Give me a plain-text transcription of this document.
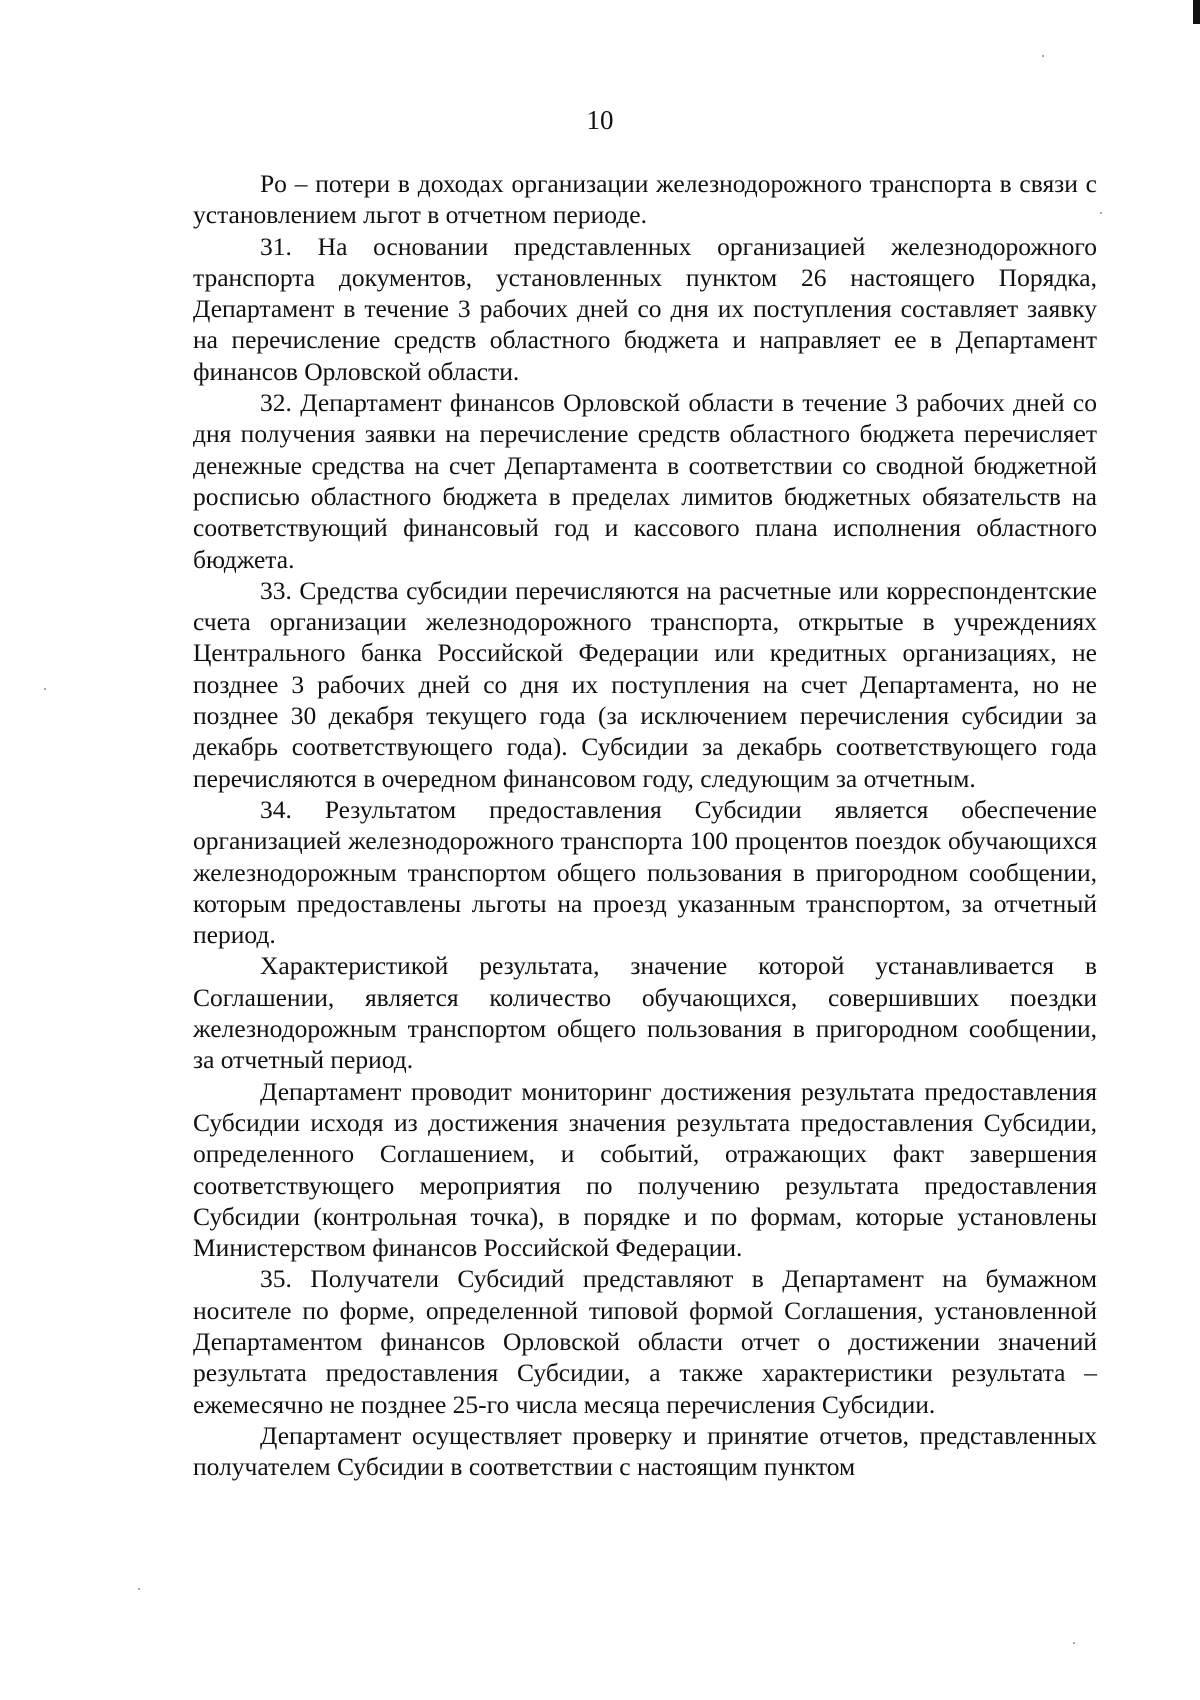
10

Pо – потери в доходах организации железнодорожного транспорта в связи с установлением льгот в отчетном периоде.

31. На основании представленных организацией железнодорожного транспорта документов, установленных пунктом 26 настоящего Порядка, Департамент в течение 3 рабочих дней со дня их поступления составляет заявку на перечисление средств областного бюджета и направляет ее в Департамент финансов Орловской области.

32. Департамент финансов Орловской области в течение 3 рабочих дней со дня получения заявки на перечисление средств областного бюджета перечисляет денежные средства на счет Департамента в соответствии со сводной бюджетной росписью областного бюджета в пределах лимитов бюджетных обязательств на соответствующий финансовый год и кассового плана исполнения областного бюджета.

33. Средства субсидии перечисляются на расчетные или корреспондентские счета организации железнодорожного транспорта, открытые в учреждениях Центрального банка Российской Федерации или кредитных организациях, не позднее 3 рабочих дней со дня их поступления на счет Департамента, но не позднее 30 декабря текущего года (за исключением перечисления субсидии за декабрь соответствующего года). Субсидии за декабрь соответствующего года перечисляются в очередном финансовом году, следующим за отчетным.

34. Результатом предоставления Субсидии является обеспечение организацией железнодорожного транспорта 100 процентов поездок обучающихся железнодорожным транспортом общего пользования в пригородном сообщении, которым предоставлены льготы на проезд указанным транспортом, за отчетный период.

Характеристикой результата, значение которой устанавливается в Соглашении, является количество обучающихся, совершивших поездки железнодорожным транспортом общего пользования в пригородном сообщении, за отчетный период.

Департамент проводит мониторинг достижения результата предоставления Субсидии исходя из достижения значения результата предоставления Субсидии, определенного Соглашением, и событий, отражающих факт завершения соответствующего мероприятия по получению результата предоставления Субсидии (контрольная точка), в порядке и по формам, которые установлены Министерством финансов Российской Федерации.

35. Получатели Субсидий представляют в Департамент на бумажном носителе по форме, определенной типовой формой Соглашения, установленной Департаментом финансов Орловской области отчет о достижении значений результата предоставления Субсидии, а также характеристики результата – ежемесячно не позднее 25-го числа месяца перечисления Субсидии.

Департамент осуществляет проверку и принятие отчетов, представленных получателем Субсидии в соответствии с настоящим пунктом
